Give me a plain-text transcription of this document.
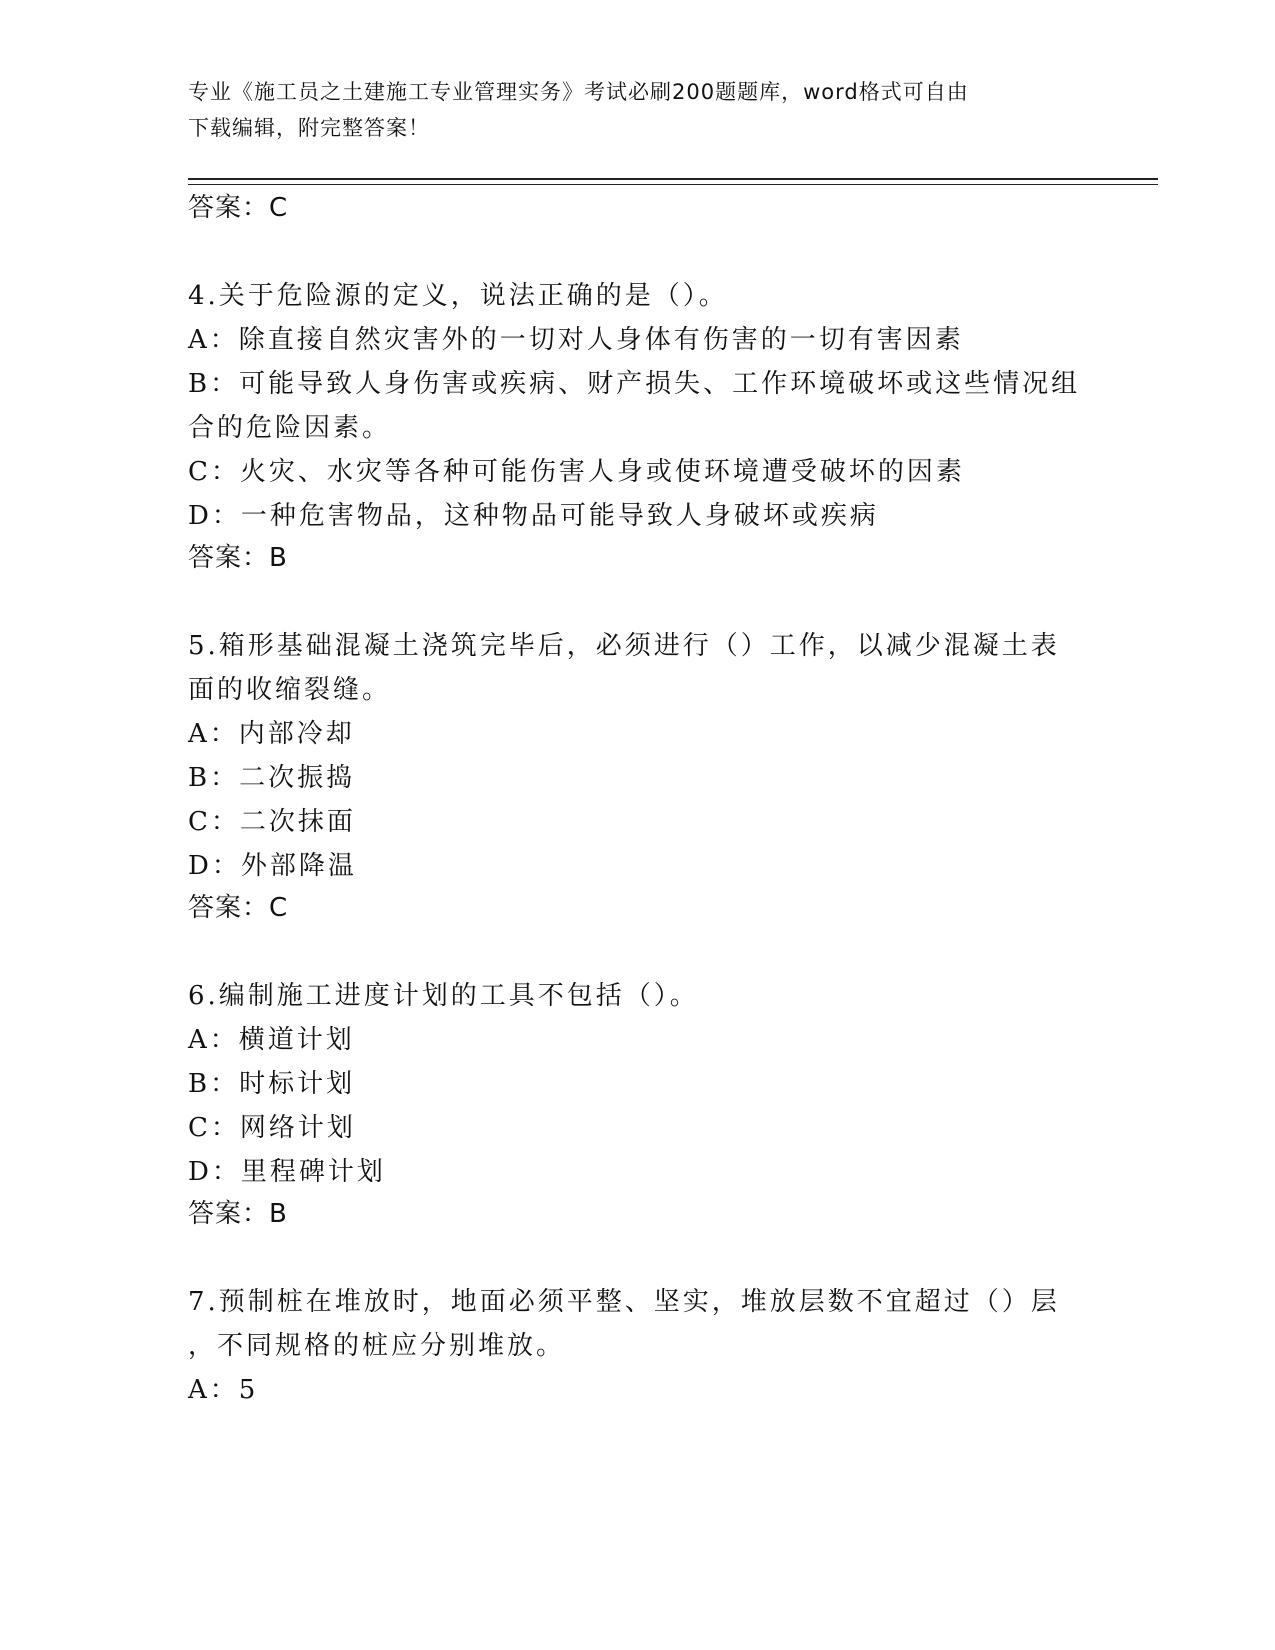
专业《施工员之土建施工专业管理实务》考试必刷200题题库，word格式可自由
下载编辑，附完整答案！
答案：C
4.关于危险源的定义，说法正确的是（）。
A：除直接自然灾害外的一切对人身体有伤害的一切有害因素
B：可能导致人身伤害或疾病、财产损失、工作环境破坏或这些情况组
合的危险因素。
C：火灾、水灾等各种可能伤害人身或使环境遭受破坏的因素
D：一种危害物品，这种物品可能导致人身破坏或疾病
答案：B
5.箱形基础混凝土浇筑完毕后，必须进行（）工作，以减少混凝土表
面的收缩裂缝。
A：内部冷却
B：二次振捣
C：二次抹面
D：外部降温
答案：C
6.编制施工进度计划的工具不包括（）。
A：横道计划
B：时标计划
C：网络计划
D：里程碑计划
答案：B
7.预制桩在堆放时，地面必须平整、坚实，堆放层数不宜超过（）层
，不同规格的桩应分别堆放。
A：5
